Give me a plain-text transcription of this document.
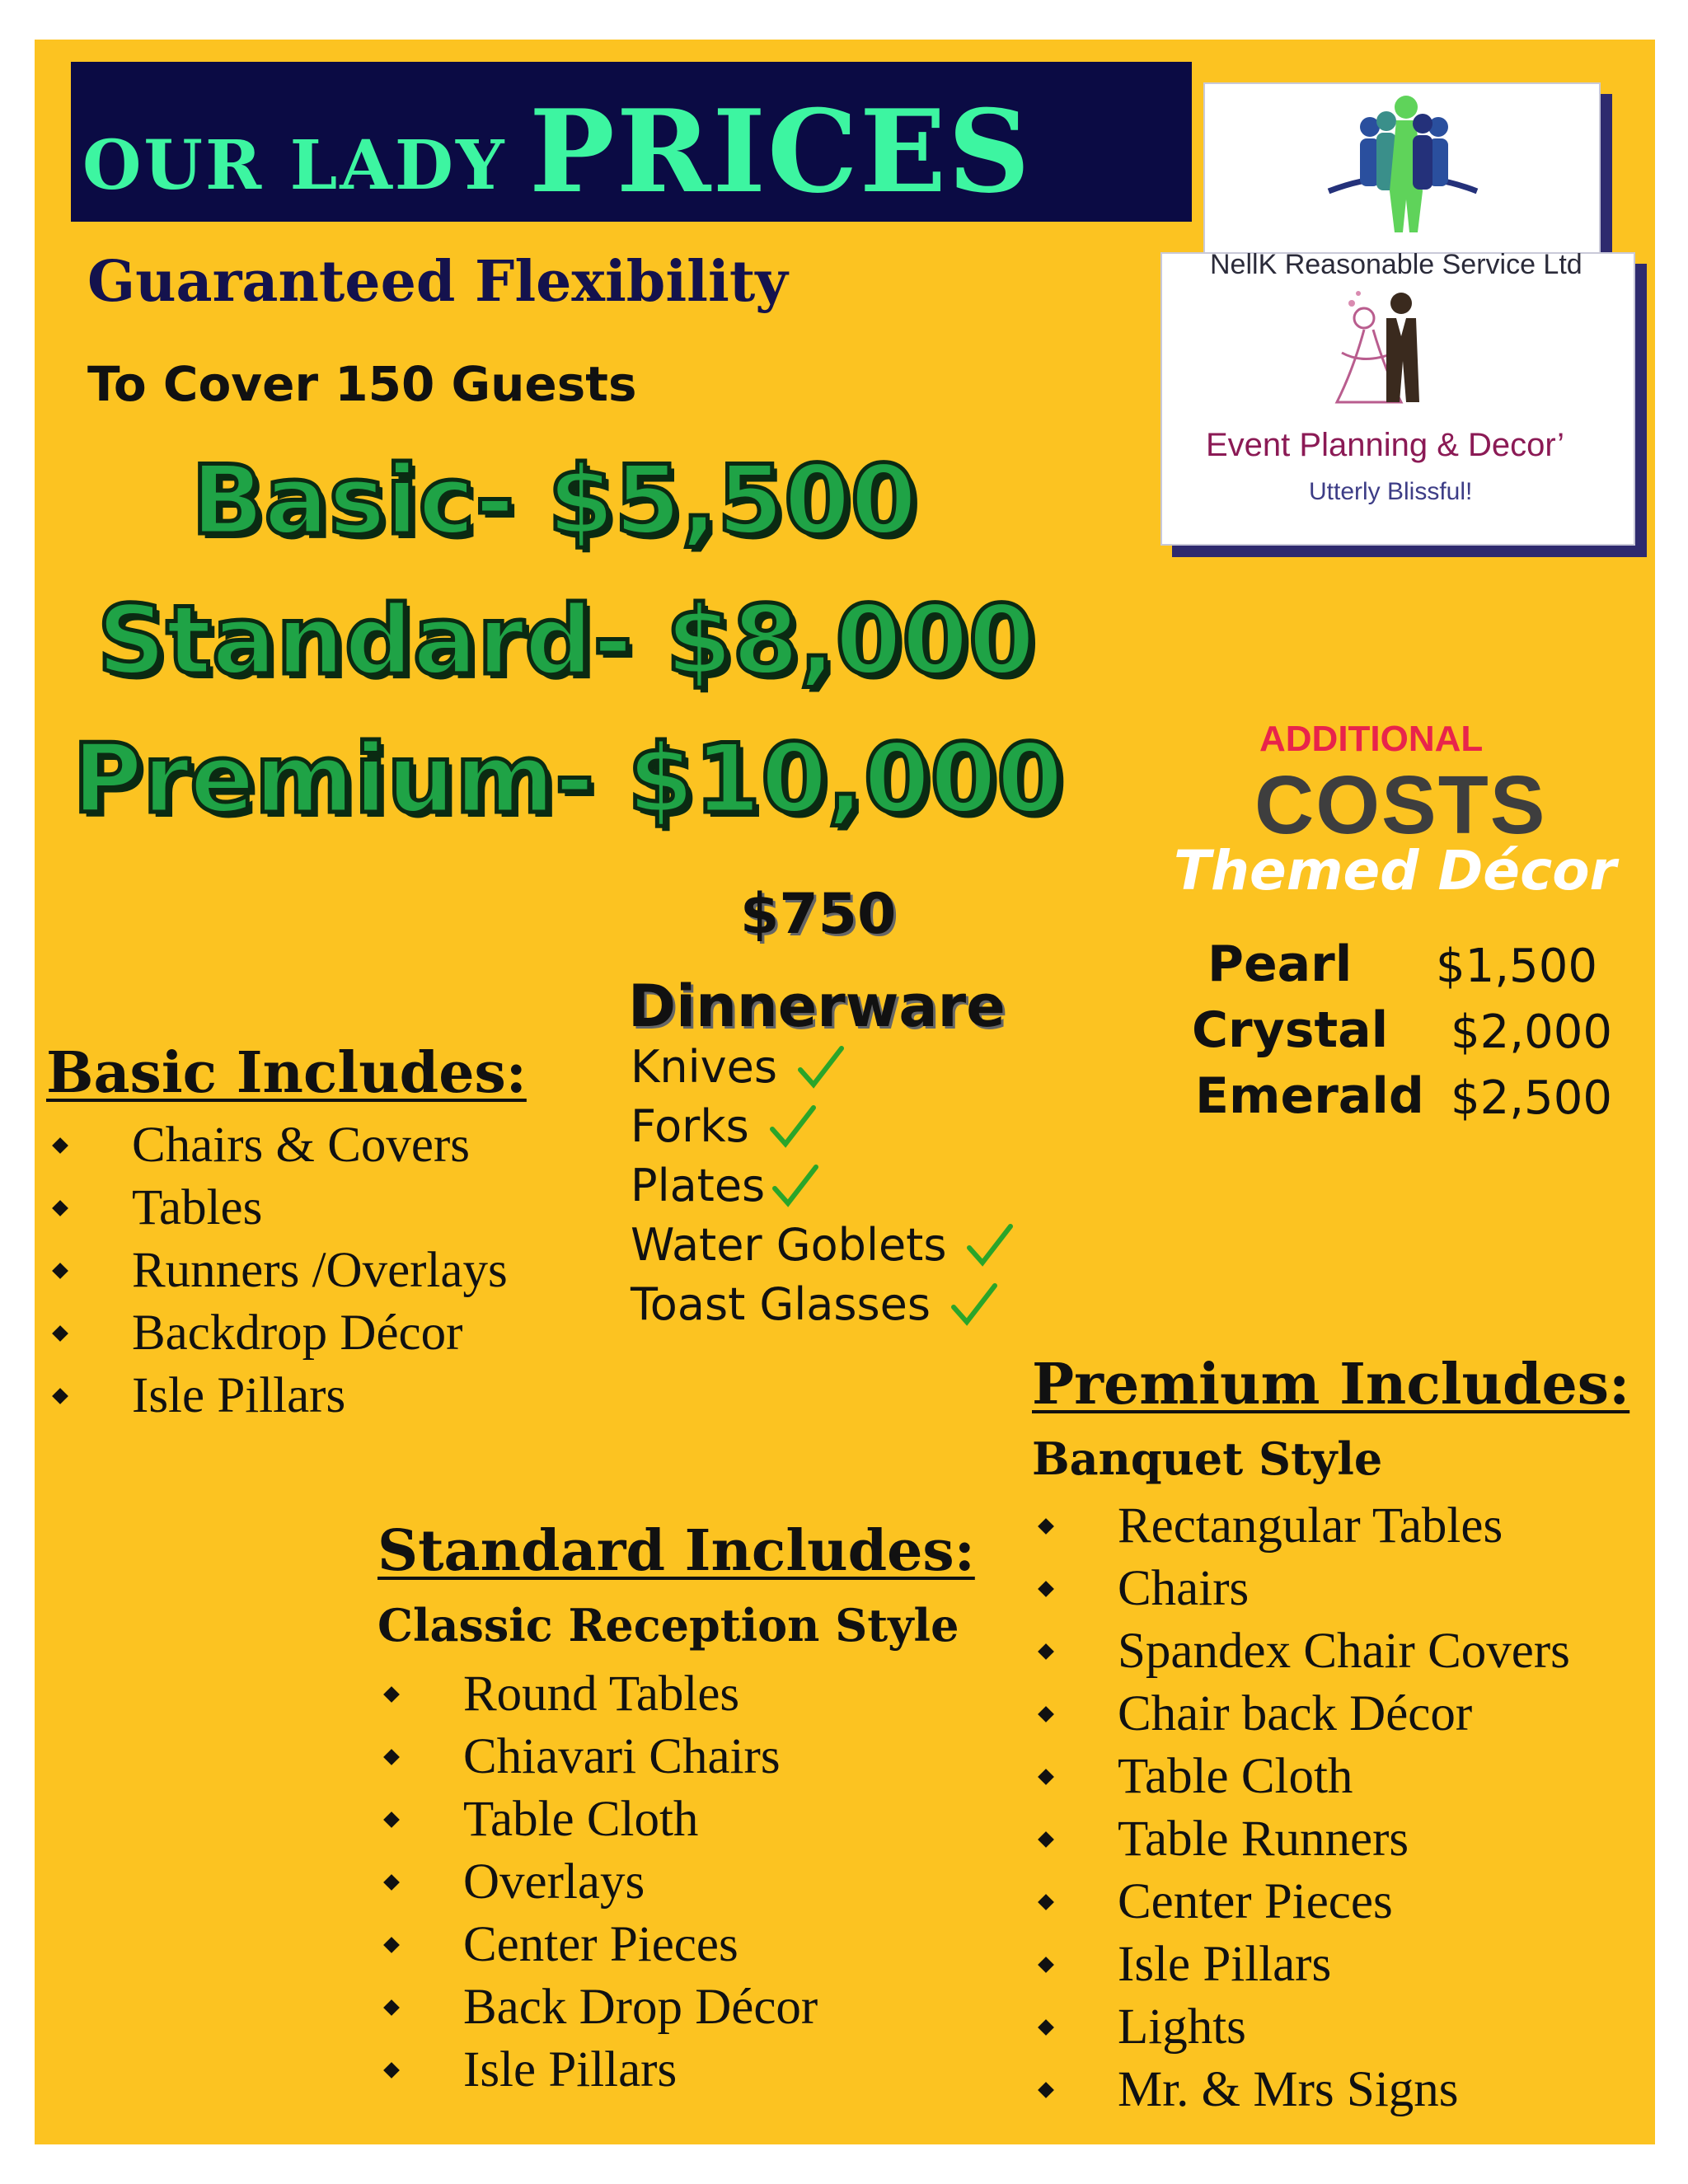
OUR LADY PRICES
Guaranteed Flexibility
To Cover 150 Guests
Basic- $5,500
Standard- $8,000
Premium- $10,000
NellK Reasonable Service Ltd
Event Planning & Decor’
Utterly Blissful!
ADDITIONAL
COSTS
Themed Décor
Pearl $1,500
Crystal $2,000
Emerald $2,500
$750
Dinnerware
Knives
Forks
Plates
Water Goblets
Toast Glasses
Basic Includes:
Chairs & Covers
Tables
Runners /Overlays
Backdrop Décor
Isle Pillars
Standard Includes:
Classic Reception Style
Round Tables
Chiavari Chairs
Table Cloth
Overlays
Center Pieces
Back Drop Décor
Isle Pillars
Premium Includes:
Banquet Style
Rectangular Tables
Chairs
Spandex Chair Covers
Chair back Décor
Table Cloth
Table Runners
Center Pieces
Isle Pillars
Lights
Mr. & Mrs Signs
